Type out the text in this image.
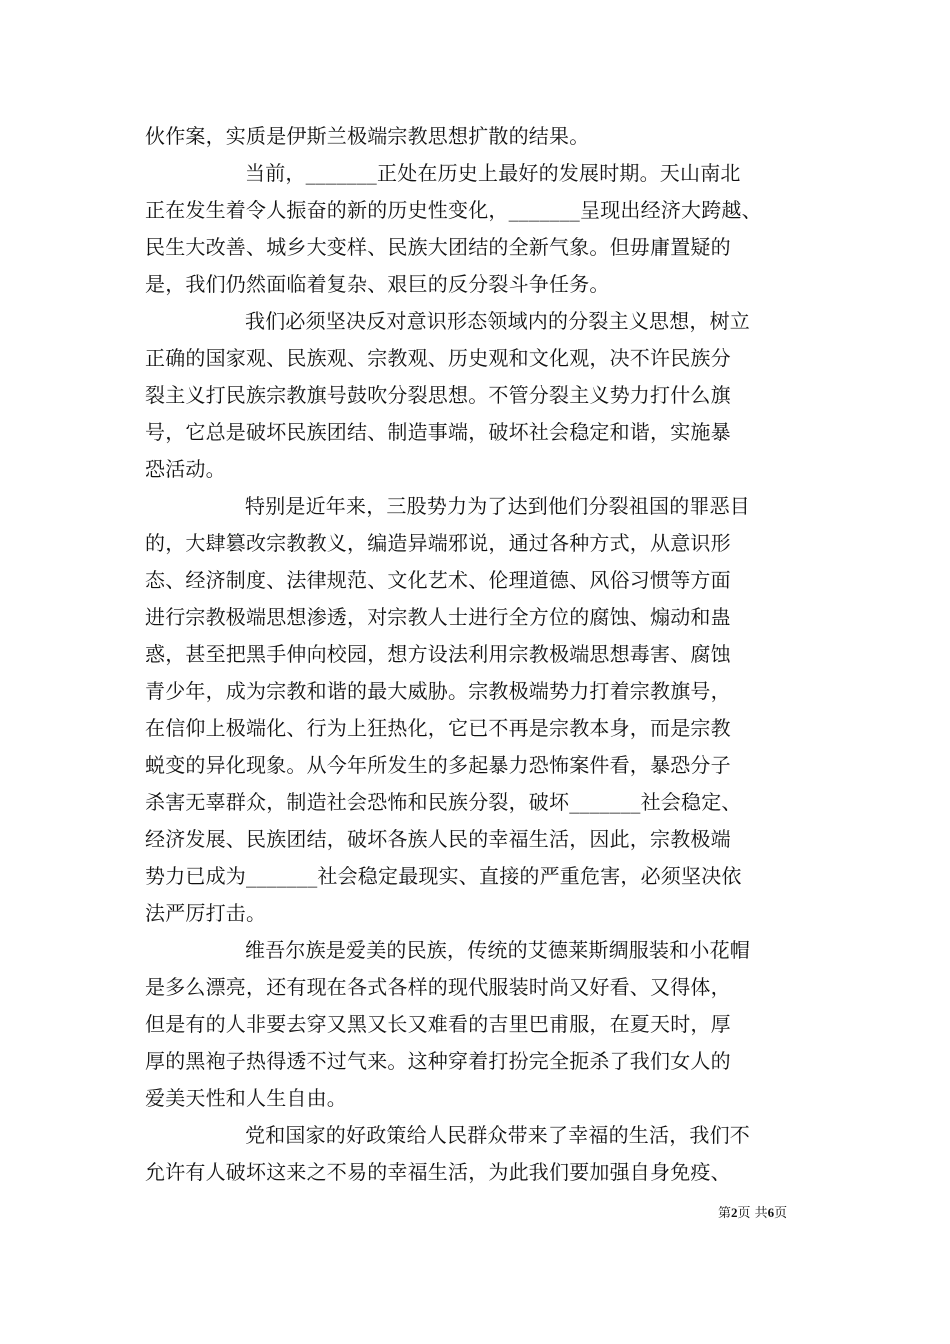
伙作案，实质是伊斯兰极端宗教思想扩散的结果。
当前，_______正处在历史上最好的发展时期。天山南北
正在发生着令人振奋的新的历史性变化，_______呈现出经济大跨越、
民生大改善、城乡大变样、民族大团结的全新气象。但毋庸置疑的
是，我们仍然面临着复杂、艰巨的反分裂斗争任务。
我们必须坚决反对意识形态领域内的分裂主义思想，树立
正确的国家观、民族观、宗教观、历史观和文化观，决不许民族分
裂主义打民族宗教旗号鼓吹分裂思想。不管分裂主义势力打什么旗
号，它总是破坏民族团结、制造事端，破坏社会稳定和谐，实施暴
恐活动。
特别是近年来，三股势力为了达到他们分裂祖国的罪恶目
的，大肆篡改宗教教义，编造异端邪说，通过各种方式，从意识形
态、经济制度、法律规范、文化艺术、伦理道德、风俗习惯等方面
进行宗教极端思想渗透，对宗教人士进行全方位的腐蚀、煽动和蛊
惑，甚至把黑手伸向校园，想方设法利用宗教极端思想毒害、腐蚀
青少年，成为宗教和谐的最大威胁。宗教极端势力打着宗教旗号，
在信仰上极端化、行为上狂热化，它已不再是宗教本身，而是宗教
蜕变的异化现象。从今年所发生的多起暴力恐怖案件看，暴恐分子
杀害无辜群众，制造社会恐怖和民族分裂，破坏_______社会稳定、
经济发展、民族团结，破坏各族人民的幸福生活，因此，宗教极端
势力已成为_______社会稳定最现实、直接的严重危害，必须坚决依
法严厉打击。
维吾尔族是爱美的民族，传统的艾德莱斯绸服装和小花帽
是多么漂亮，还有现在各式各样的现代服装时尚又好看、又得体，
但是有的人非要去穿又黑又长又难看的吉里巴甫服，在夏天时，厚
厚的黑袍子热得透不过气来。这种穿着打扮完全扼杀了我们女人的
爱美天性和人生自由。
党和国家的好政策给人民群众带来了幸福的生活，我们不
允许有人破坏这来之不易的幸福生活，为此我们要加强自身免疫、
第2页 共6页
